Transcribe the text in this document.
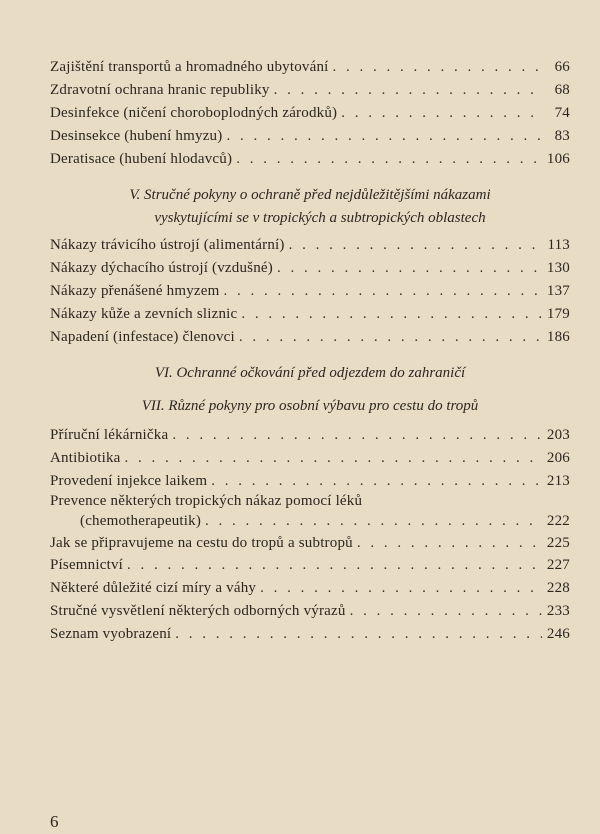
Zajištění transportů a hromadného ubytování . . .	66
Zdravotní ochrana hranic republiky . . .	68
Desinfekce (ničení choroboplodných zárodků) . . .	74
Desinsekce (hubení hmyzu) . . .	83
Deratisace (hubení hlodavců) . . .	106
V. Stručné pokyny o ochraně před nejdůležitějšími nákazami
vyskytujícími se v tropických a subtropických oblastech
Nákazy trávicího ústrojí (alimentární) . . .	113
Nákazy dýchacího ústrojí (vzdušné) . . .	130
Nákazy přenášené hmyzem . . .	137
Nákazy kůže a zevních sliznic . . .	179
Napadení (infestace) členovci . . .	186
VI. Ochranné očkování před odjezdem do zahraničí
VII. Různé pokyny pro osobní výbavu pro cestu do tropů
Příruční lékárnička . . .	203
Antibiotika . . .	206
Provedení injekce laikem . . .	213
Prevence některých tropických nákaz pomocí léků
(chemotherapeutik) . . .	222
Jak se připravujeme na cestu do tropů a subtropů . . .	225
Písemnictví . . .	227
Některé důležité cizí míry a váhy . . .	228
Stručné vysvětlení některých odborných výrazů . . .	233
Seznam vyobrazení . . .	246
6
